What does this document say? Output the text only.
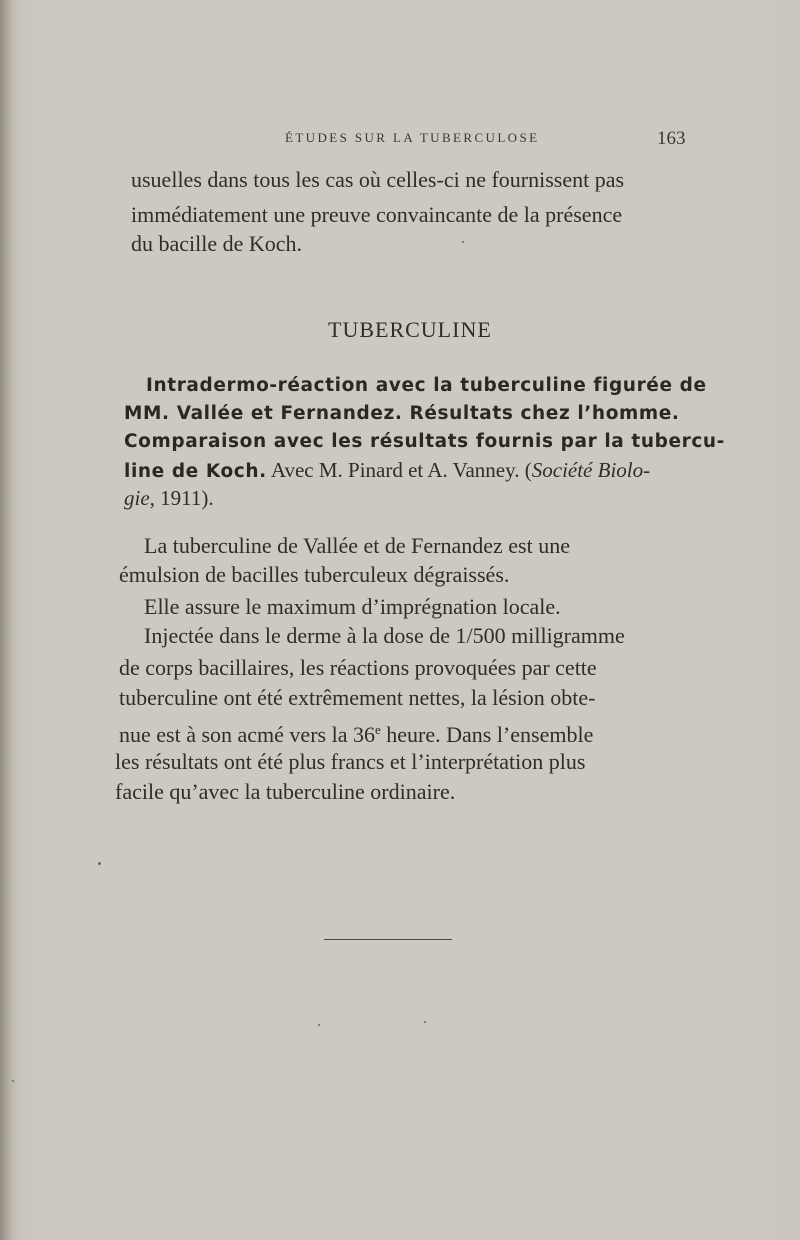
ÉTUDES SUR LA TUBERCULOSE	163
usuelles dans tous les cas où celles-ci ne fournissent pas
immédiatement une preuve convaincante de la présence
du bacille de Koch.
TUBERCULINE
Intradermo-réaction avec la tuberculine figurée de
MM. Vallée et Fernandez. Résultats chez l’homme.
Comparaison avec les résultats fournis par la tubercu-
line de Koch. Avec M. Pinard et A. Vanney. (Société Biolo-
gie, 1911).
La tuberculine de Vallée et de Fernandez est une
émulsion de bacilles tuberculeux dégraissés.
Elle assure le maximum d’imprégnation locale.
Injectée dans le derme à la dose de 1/500 milligramme
de corps bacillaires, les réactions provoquées par cette
tuberculine ont été extrêmement nettes, la lésion obte-
nue est à son acmé vers la 36e heure. Dans l’ensemble
les résultats ont été plus francs et l’interprétation plus
facile qu’avec la tuberculine ordinaire.
